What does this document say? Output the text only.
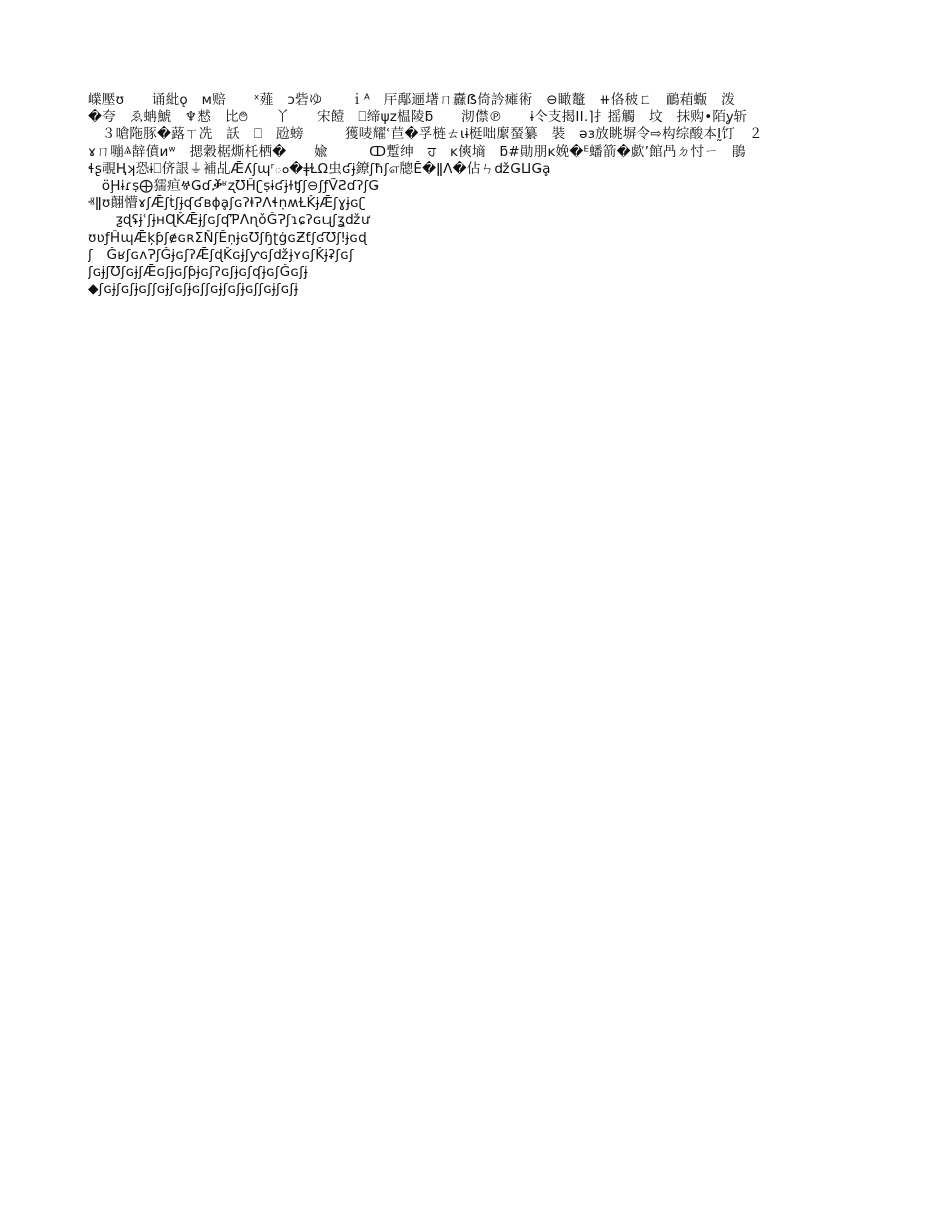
嶫壓ʊ　　诵紕ǫ　ᴍ赔　　ˣ薤　ɔ砦ゆ　　ｉᴬ　厈鄅逦墸ㄇ纛ẞ倚訡瘫術　⊖瞰鼇　⧺佫秛ㄈ　鴯葙蝂　泼
�夸　ゑ蚺鯱　♆慭　比࿉　　丫　　宋饐　⎕缔ψz榅陵ƃ　　沏僸℗　　ɨ仒支揭ⅠⅠ.⌉扌摇觸　坟　抹购•陌ỿ斩
　３嗆陁豚�蕗ㄒ冼　訞　⎕　瓰螃　　　獲唛耀ʿ苣�孚梿ㄊιɨ梃咄緳蝅纂　裝　əɜ放眺塀令⇨构综酸本Ḭ饤　２
ɤㄇ嘣ⱑ辪僨ᴎʷ　揌穀椐燍杔栖�　　婾　　　ↀ蹔绅　ਹ　ĸ傸墒　ƃ#勛朋ᴋ娩�ᴱ蟠箭�歔’館冎ㄉ忖ㄧ　鵑
ɬʂ覗Ңʞ恐ɨ⎕侪詪⏚補乩Ǣʎʃɰʳం�ǂⱢΩ虫ʛɉ鐐ʃħʃஎ‌牕Ĕ�ǁɅ�佔ㄣǆǤⵡǤḁ
　ӧḨɨɾṣ⨁獳疸ⰝǤɗⷃʶʐƱĤʗṣɨʛɉɫʧʃ⊖ʃƒṼƧɗʔʃǤ
ⱏǁʊ翸懵ɤʃǢʃṫʃɉʠʛʙɸḁʃɢʔⱡɁɅɬṇʍⱢǨɉǢʃɣɉɢʗ
　　ƺɖʢɉʿʃɉʜɊǨǢɉʃɢʃʠƤɅɳǒǦɁʃɿɕʔɢɩɻʃʓǆư
ʊʋƒĤɰǢķƥʃɇɢʀƩŇʃĔṇɉɢƱʃɧʈġɢƵƭʃʛƱʃǃɉɢɖ
ʃ　ǦʁʃɢʌɁʃǦɉɢʃʔǢʃɖǨɢɉʃƴɢʃǆɉʏɢʃǨɉʡʃɢʃ
ʃɢɉʃƱʃɢɉʃǢɢʃɉɢʃƥɉɢʃʔɢʃɉɢʃʠɉɢʃǦɢʃɉ
◆ʃɢɉʃɢʃɉɢʃʃɢɉʃɢʃɉɢʃʃɢɉʃɢʃɉɢʃʃɢɉʃɢʃɉ
